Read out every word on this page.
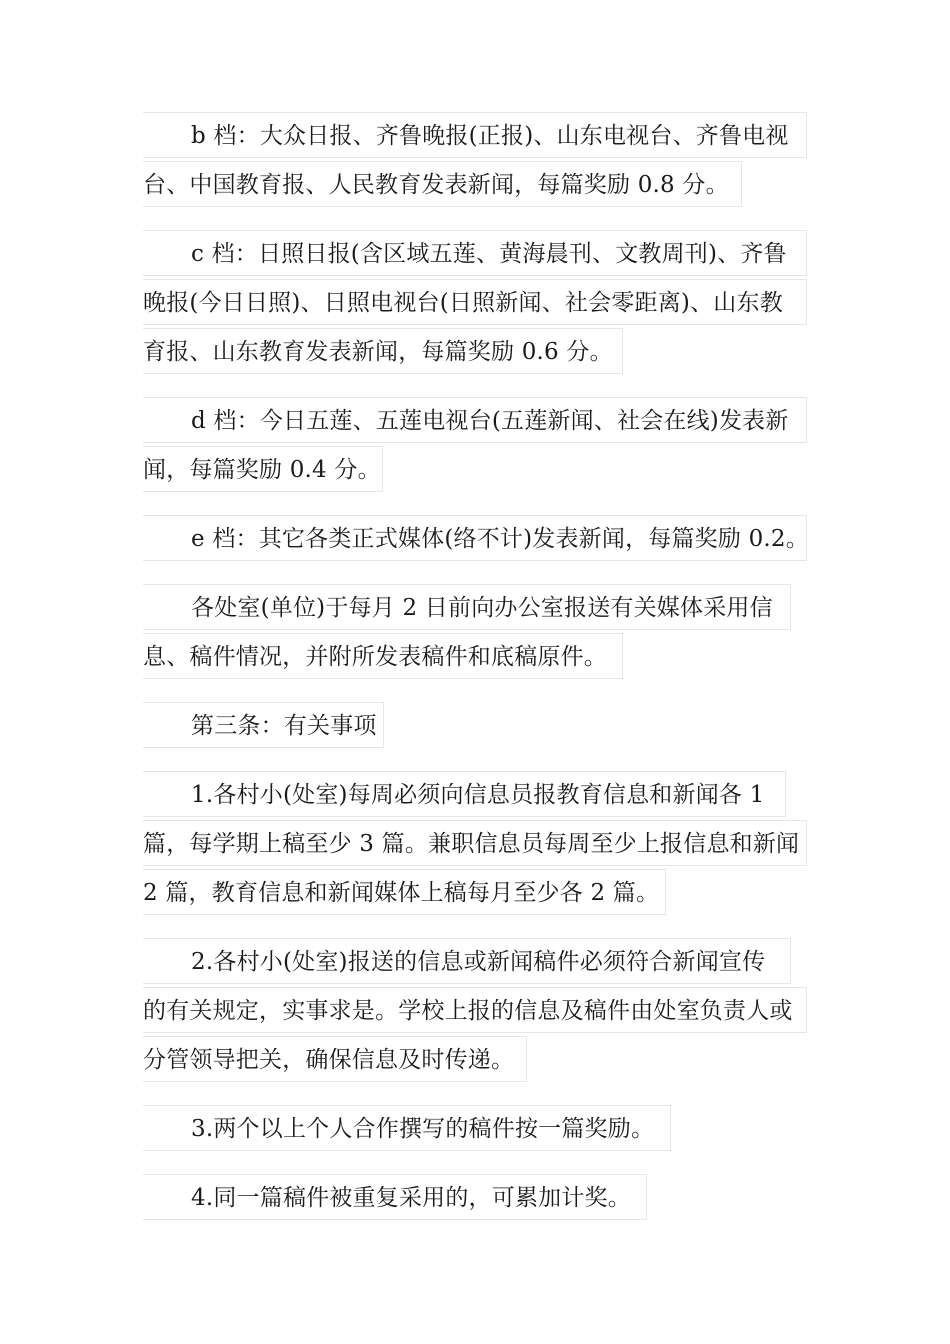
b 档：大众日报、齐鲁晚报(正报)、山东电视台、齐鲁电视
台、中国教育报、人民教育发表新闻，每篇奖励 0.8 分。
c 档：日照日报(含区域五莲、黄海晨刊、文教周刊)、齐鲁
晚报(今日日照)、日照电视台(日照新闻、社会零距离)、山东教
育报、山东教育发表新闻，每篇奖励 0.6 分。
d 档：今日五莲、五莲电视台(五莲新闻、社会在线)发表新
闻，每篇奖励 0.4 分。
e 档：其它各类正式媒体(络不计)发表新闻，每篇奖励 0.2。
各处室(单位)于每月 2 日前向办公室报送有关媒体采用信
息、稿件情况，并附所发表稿件和底稿原件。
第三条：有关事项
1.各村小(处室)每周必须向信息员报教育信息和新闻各 1
篇，每学期上稿至少 3 篇。兼职信息员每周至少上报信息和新闻
2 篇，教育信息和新闻媒体上稿每月至少各 2 篇。
2.各村小(处室)报送的信息或新闻稿件必须符合新闻宣传
的有关规定，实事求是。学校上报的信息及稿件由处室负责人或
分管领导把关，确保信息及时传递。
3.两个以上个人合作撰写的稿件按一篇奖励。
4.同一篇稿件被重复采用的，可累加计奖。
